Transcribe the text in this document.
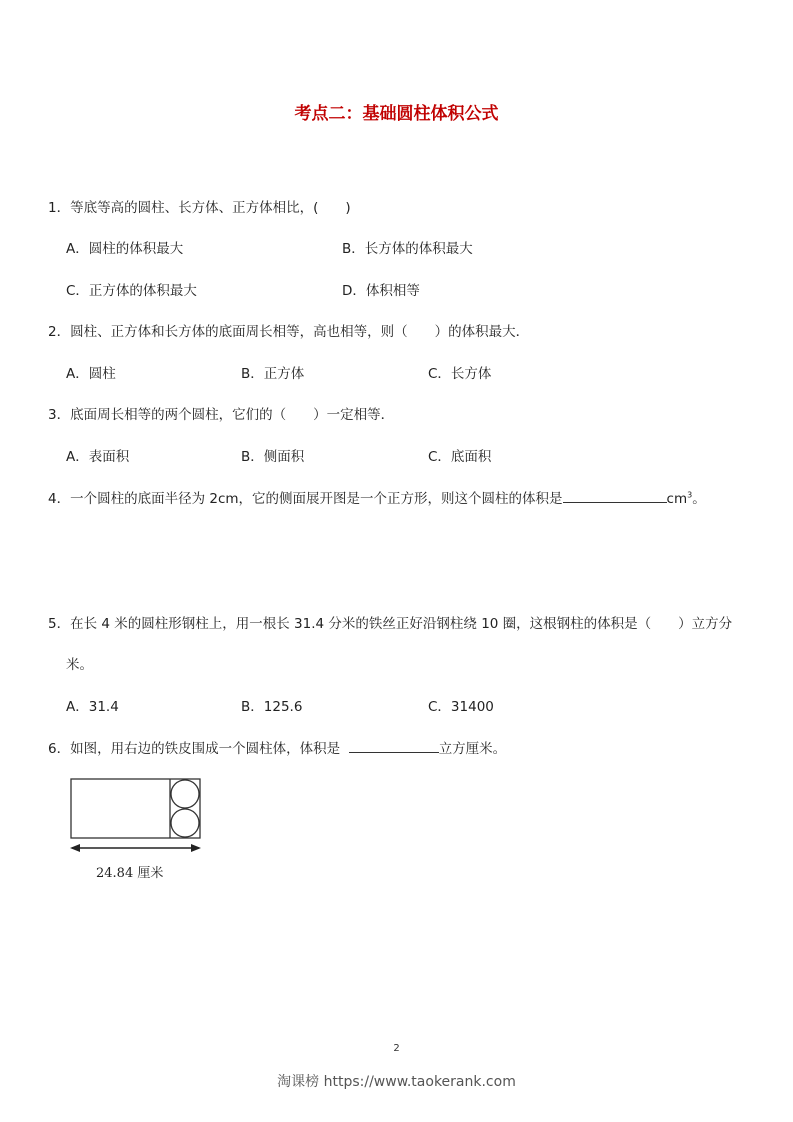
考点二：基础圆柱体积公式
1．等底等高的圆柱、长方体、正方体相比，(　　)
A．圆柱的体积最大	B．长方体的体积最大
C．正方体的体积最大	D．体积相等
2．圆柱、正方体和长方体的底面周长相等，高也相等，则（　　）的体积最大．
A．圆柱	B．正方体	C．长方体
3．底面周长相等的两个圆柱，它们的（　　）一定相等．
A．表面积	B．侧面积	C．底面积
4．一个圆柱的底面半径为 2cm，它的侧面展开图是一个正方形，则这个圆柱的体积是	$cm^3$。
5．在长 4 米的圆柱形钢柱上，用一根长 31.4 分米的铁丝正好沿钢柱绕 10 圈，这根钢柱的体积是（　　）立方分
米。
A．31.4	B．125.6	C．31400
6．如图，用右边的铁皮围成一个圆柱体，体积是	立方厘米。
24.84 厘米
2
淘课榜 https://www.taokerank.com
